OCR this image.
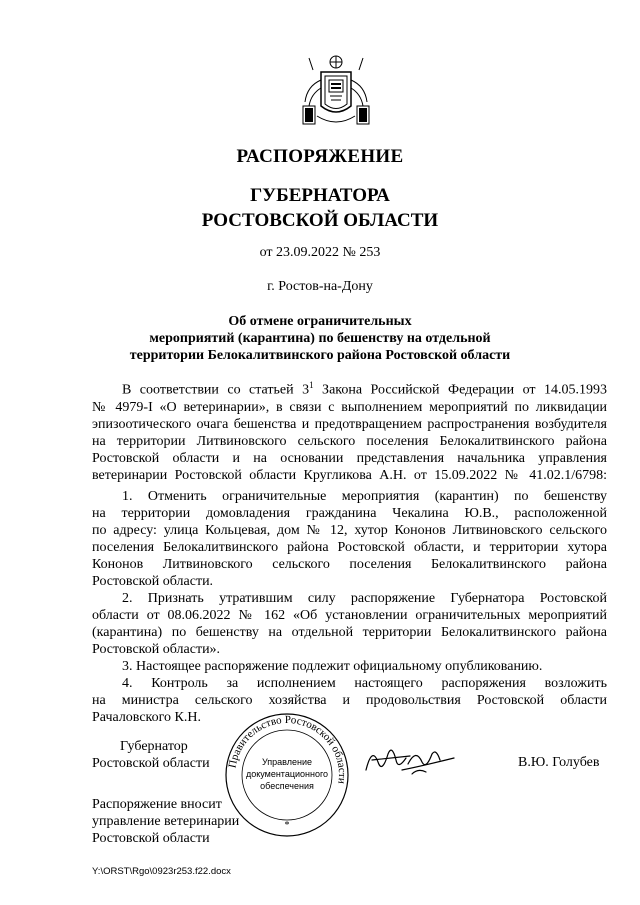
РАСПОРЯЖЕНИЕ
ГУБЕРНАТОРА
РОСТОВСКОЙ ОБЛАСТИ
от 23.09.2022 № 253
г. Ростов-на-Дону
Об отмене ограничительных
мероприятий (карантина) по бешенству на отдельной
территории Белокалитвинского района Ростовской области

В соответствии со статьей $3^1$ Закона Российской Федерации от 14.05.1993

№ 4979-I «О ветеринарии», в связи с выполнением мероприятий по ликвидации

эпизоотического очага бешенства и предотвращением распространения возбудителя

на территории Литвиновского сельского поселения Белокалитвинского района

Ростовской области и на основании представления начальника управления

ветеринарии Ростовской области Кругликова А.Н. от 15.09.2022 № 41.02.1/6798:

1. Отменить ограничительные мероприятия (карантин) по бешенству

на территории домовладения гражданина Чекалина Ю.В., расположенной

по адресу: улица Кольцевая, дом № 12, хутор Кононов Литвиновского сельского

поселения Белокалитвинского района Ростовской области, и территории хутора

Кононов Литвиновского сельского поселения Белокалитвинского района

Ростовской области.

2. Признать утратившим силу распоряжение Губернатора Ростовской

области от 08.06.2022 № 162 «Об установлении ограничительных мероприятий

(карантина) по бешенству на отдельной территории Белокалитвинского района

Ростовской области».

3. Настоящее распоряжение подлежит официальному опубликованию.

4. Контроль за исполнением настоящего распоряжения возложить

на министра сельского хозяйства и продовольствия Ростовской области

Рачаловского К.Н.

Губернатор
Ростовской области Правительство Ростовской области
Управление
документационного
обеспечения
*
В.Ю. Голубев
Распоряжение вносит
управление ветеринарии
Ростовской области
Y:\ORST\Rgo\0923r253.f22.docx
